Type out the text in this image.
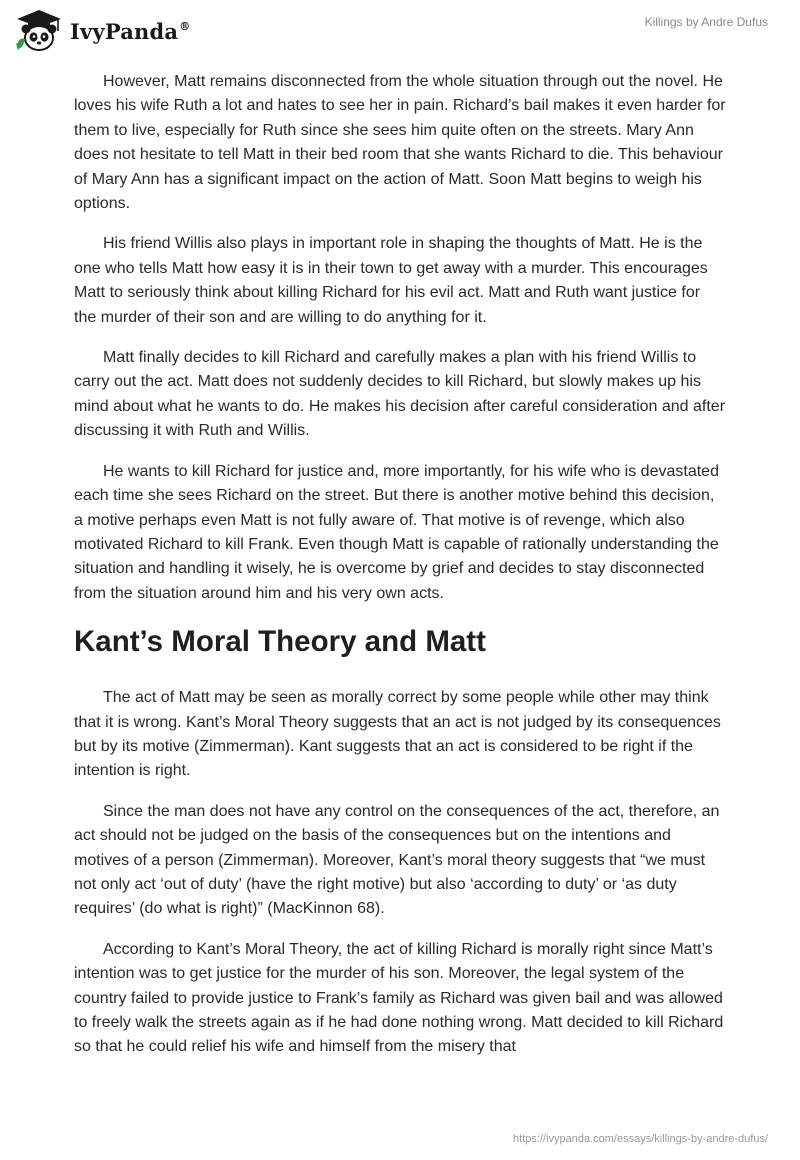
IvyPanda®	Killings by Andre Dufus

However, Matt remains disconnected from the whole situation through out the novel. He loves his wife Ruth a lot and hates to see her in pain. Richard’s bail makes it even harder for them to live, especially for Ruth since she sees him quite often on the streets. Mary Ann does not hesitate to tell Matt in their bed room that she wants Richard to die. This behaviour of Mary Ann has a significant impact on the action of Matt. Soon Matt begins to weigh his options.

His friend Willis also plays in important role in shaping the thoughts of Matt. He is the one who tells Matt how easy it is in their town to get away with a murder. This encourages Matt to seriously think about killing Richard for his evil act. Matt and Ruth want justice for the murder of their son and are willing to do anything for it.

Matt finally decides to kill Richard and carefully makes a plan with his friend Willis to carry out the act. Matt does not suddenly decides to kill Richard, but slowly makes up his mind about what he wants to do. He makes his decision after careful consideration and after discussing it with Ruth and Willis.

He wants to kill Richard for justice and, more importantly, for his wife who is devastated each time she sees Richard on the street. But there is another motive behind this decision, a motive perhaps even Matt is not fully aware of. That motive is of revenge, which also motivated Richard to kill Frank. Even though Matt is capable of rationally understanding the situation and handling it wisely, he is overcome by grief and decides to stay disconnected from the situation around him and his very own acts.

Kant’s Moral Theory and Matt

The act of Matt may be seen as morally correct by some people while other may think that it is wrong. Kant’s Moral Theory suggests that an act is not judged by its consequences but by its motive (Zimmerman). Kant suggests that an act is considered to be right if the intention is right.

Since the man does not have any control on the consequences of the act, therefore, an act should not be judged on the basis of the consequences but on the intentions and motives of a person (Zimmerman). Moreover, Kant’s moral theory suggests that “we must not only act ‘out of duty’ (have the right motive) but also ‘according to duty’ or ‘as duty requires’ (do what is right)” (MacKinnon 68).

According to Kant’s Moral Theory, the act of killing Richard is morally right since Matt’s intention was to get justice for the murder of his son. Moreover, the legal system of the country failed to provide justice to Frank’s family as Richard was given bail and was allowed to freely walk the streets again as if he had done nothing wrong. Matt decided to kill Richard so that he could relief his wife and himself from the misery that

https://ivypanda.com/essays/killings-by-andre-dufus/
